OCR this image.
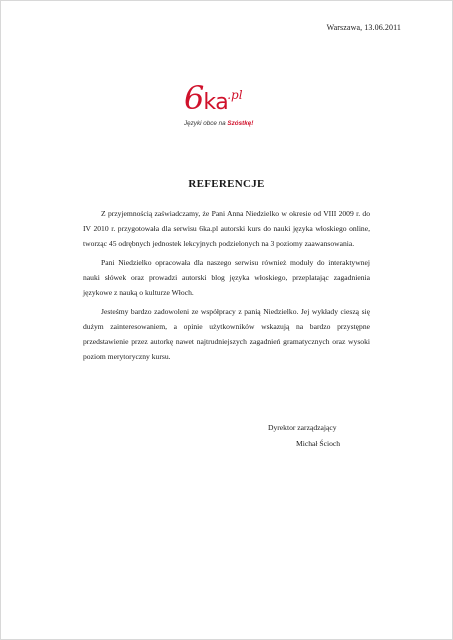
Warszawa, 13.06.2011
$6ka^{.pl}$
Języki obce na Szóstkę!
REFERENCJE

Z przyjemnością zaświadczamy, że Pani Anna Niedzielko w okresie od VIII 2009 r. do IV 2010 r. przygotowała dla serwisu 6ka.pl autorski kurs do nauki języka włoskiego online, tworząc 45 odrębnych jednostek lekcyjnych podzielonych na 3 poziomy zaawansowania.

Pani Niedzielko opracowała dla naszego serwisu również moduły do interaktywnej nauki słówek oraz prowadzi autorski blog języka włoskiego, przeplatając zagadnienia językowe z nauką o kulturze Włoch.

Jesteśmy bardzo zadowoleni ze współpracy z panią Niedzielko. Jej wykłady cieszą się dużym zainteresowaniem, a opinie użytkowników wskazują na bardzo przystępne przedstawienie przez autorkę nawet najtrudniejszych zagadnień gramatycznych oraz wysoki poziom merytoryczny kursu.

Dyrektor zarządzający
Michał Ścioch
